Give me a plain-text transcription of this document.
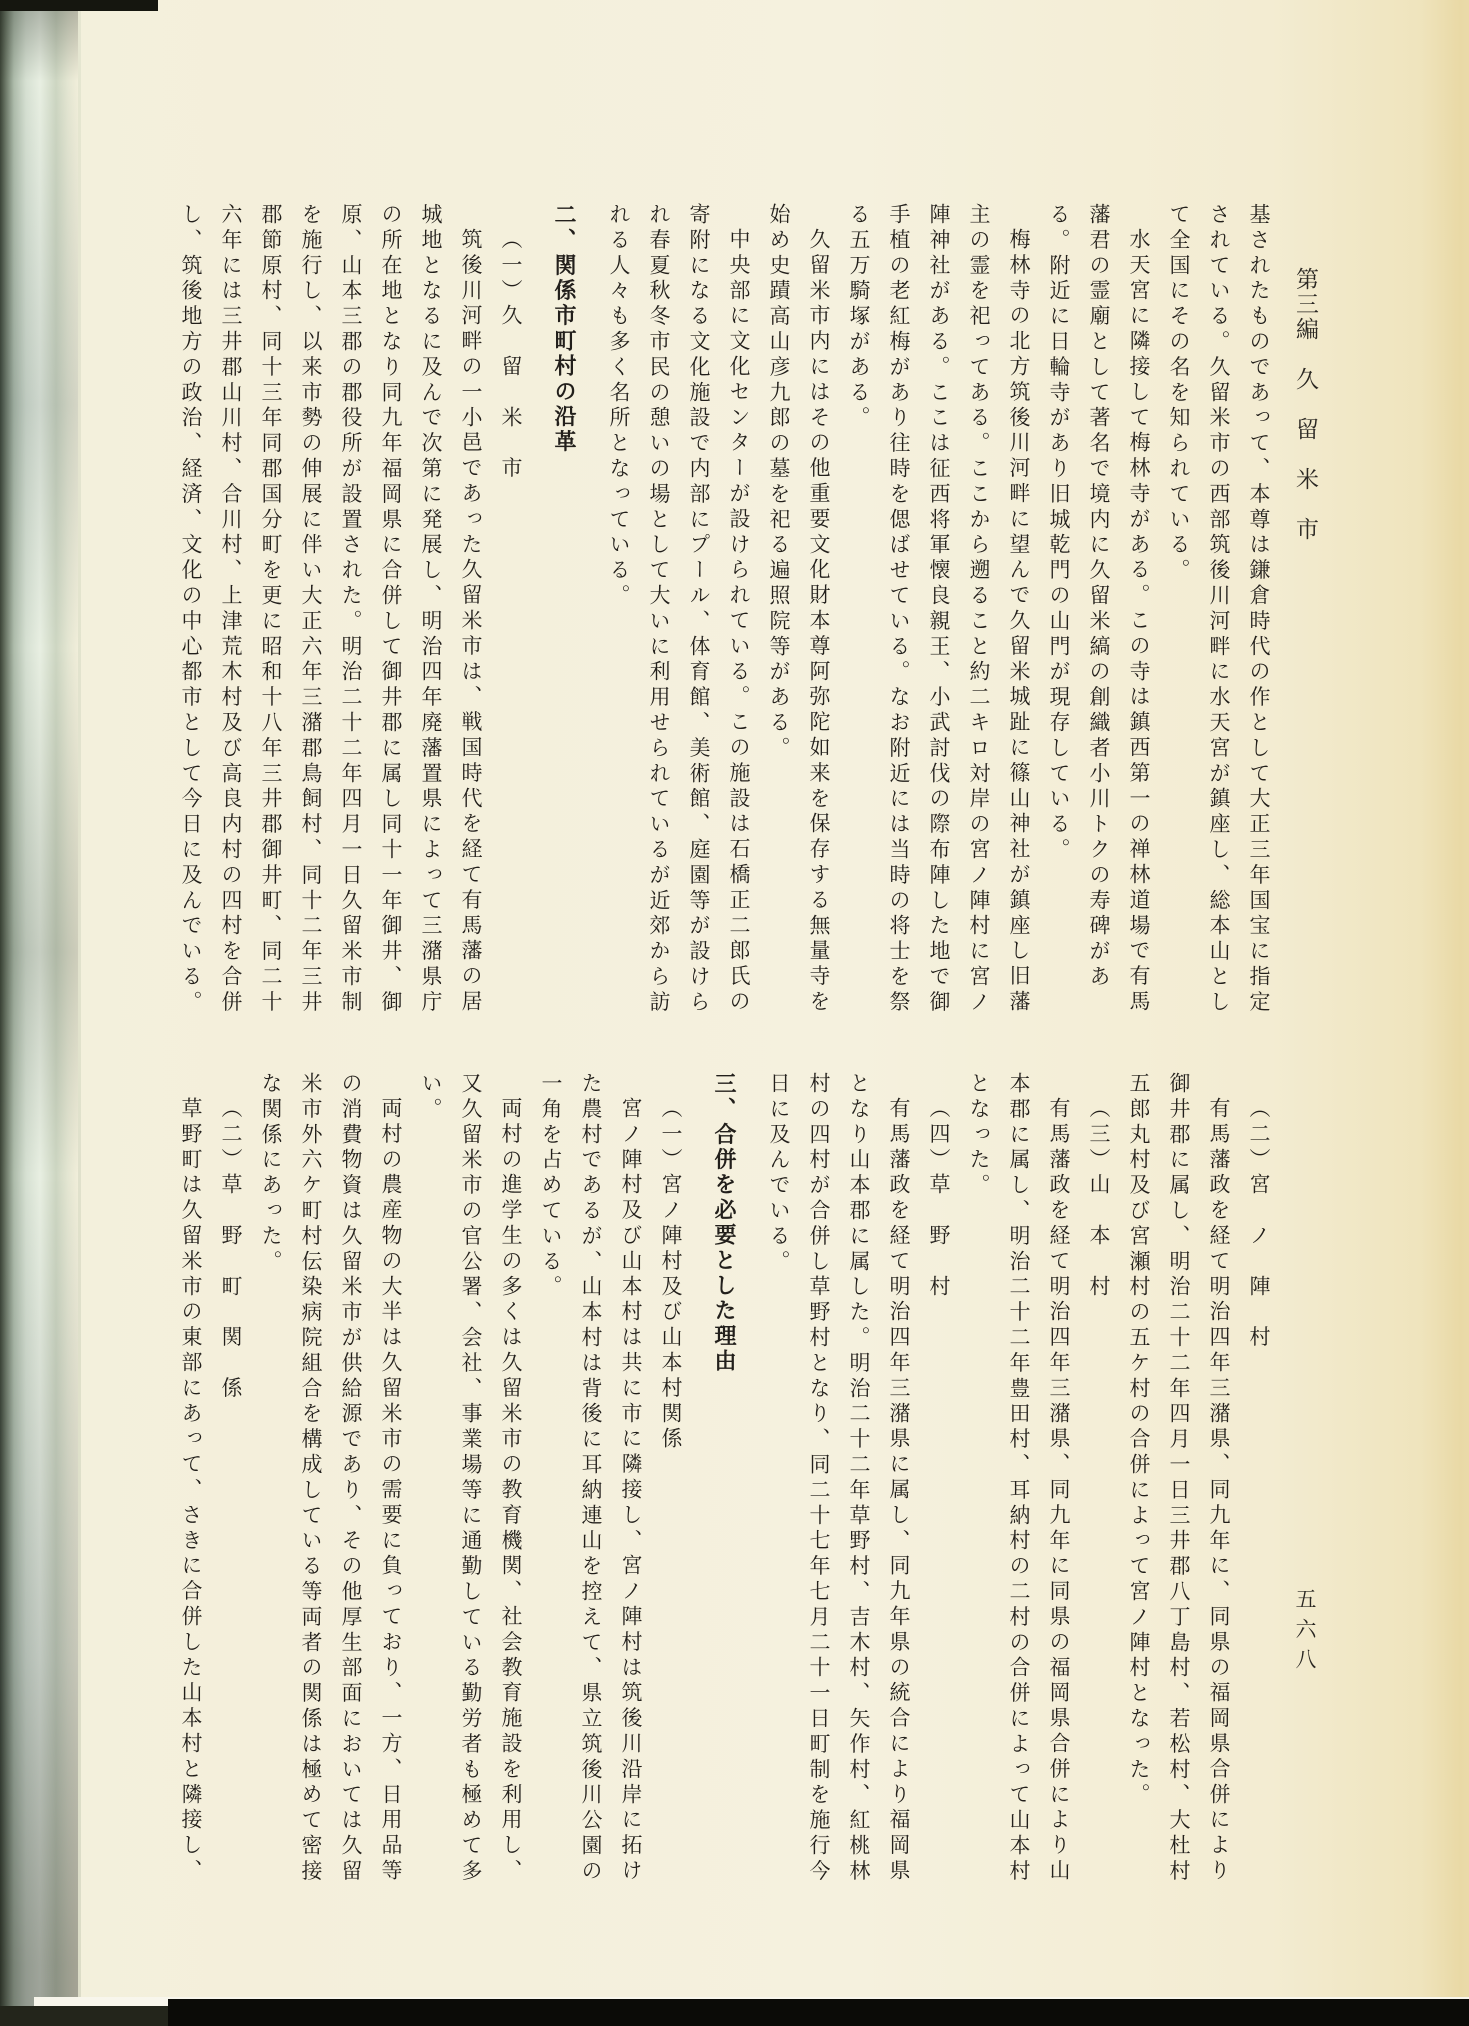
第三編　久　留　米　市

基されたものであって、本尊は鎌倉時代の作として大正三年国宝に指定

されている。久留米市の西部筑後川河畔に水天宮が鎮座し、総本山とし

て全国にその名を知られている。

水天宮に隣接して梅林寺がある。この寺は鎮西第一の禅林道場で有馬

藩君の霊廟として著名で境内に久留米縞の創織者小川トクの寿碑があ

る。附近に日輪寺があり旧城乾門の山門が現存している。

梅林寺の北方筑後川河畔に望んで久留米城趾に篠山神社が鎮座し旧藩

主の霊を祀ってある。ここから遡ること約二キロ対岸の宮ノ陣村に宮ノ

陣神社がある。ここは征西将軍懐良親王、小武討伐の際布陣した地で御

手植の老紅梅があり往時を偲ばせている。なお附近には当時の将士を祭

る五万騎塚がある。

久留米市内にはその他重要文化財本尊阿弥陀如来を保存する無量寺を

始め史蹟高山彦九郎の墓を祀る遍照院等がある。

中央部に文化センターが設けられている。この施設は石橋正二郎氏の

寄附になる文化施設で内部にプール、体育館、美術館、庭園等が設けら

れ春夏秋冬市民の憩いの場として大いに利用せられているが近郊から訪

れる人々も多く名所となっている。

二、関係市町村の沿革

（一）久　留　米　市

筑後川河畔の一小邑であった久留米市は、戦国時代を経て有馬藩の居

城地となるに及んで次第に発展し、明治四年廃藩置県によって三潴県庁

の所在地となり同九年福岡県に合併して御井郡に属し同十一年御井、御

原、山本三郡の郡役所が設置された。明治二十二年四月一日久留米市制

を施行し、以来市勢の伸展に伴い大正六年三潴郡鳥飼村、同十二年三井

郡節原村、同十三年同郡国分町を更に昭和十八年三井郡御井町、同二十

六年には三井郡山川村、合川村、上津荒木村及び高良内村の四村を合併

し、筑後地方の政治、経済、文化の中心都市として今日に及んでいる。

（二）宮　ノ　陣　村

有馬藩政を経て明治四年三潴県、同九年に、同県の福岡県合併により

御井郡に属し、明治二十二年四月一日三井郡八丁島村、若松村、大杜村

五郎丸村及び宮瀬村の五ケ村の合併によって宮ノ陣村となった。

（三）山　本　村

有馬藩政を経て明治四年三潴県、同九年に同県の福岡県合併により山

本郡に属し、明治二十二年豊田村、耳納村の二村の合併によって山本村

となった。

（四）草　野　村

有馬藩政を経て明治四年三潴県に属し、同九年県の統合により福岡県

となり山本郡に属した。明治二十二年草野村、吉木村、矢作村、紅桃林

村の四村が合併し草野村となり、同二十七年七月二十一日町制を施行今

日に及んでいる。

三、合併を必要とした理由

（一）宮ノ陣村及び山本村関係

宮ノ陣村及び山本村は共に市に隣接し、宮ノ陣村は筑後川沿岸に拓け

た農村であるが、山本村は背後に耳納連山を控えて、県立筑後川公園の

一角を占めている。

両村の進学生の多くは久留米市の教育機関、社会教育施設を利用し、

又久留米市の官公署、会社、事業場等に通勤している勤労者も極めて多

い。

両村の農産物の大半は久留米市の需要に負っており、一方、日用品等

の消費物資は久留米市が供給源であり、その他厚生部面においては久留

米市外六ケ町村伝染病院組合を構成している等両者の関係は極めて密接

な関係にあった。

（二）草　野　町　関　係

草野町は久留米市の東部にあって、さきに合併した山本村と隣接し、	五六八
